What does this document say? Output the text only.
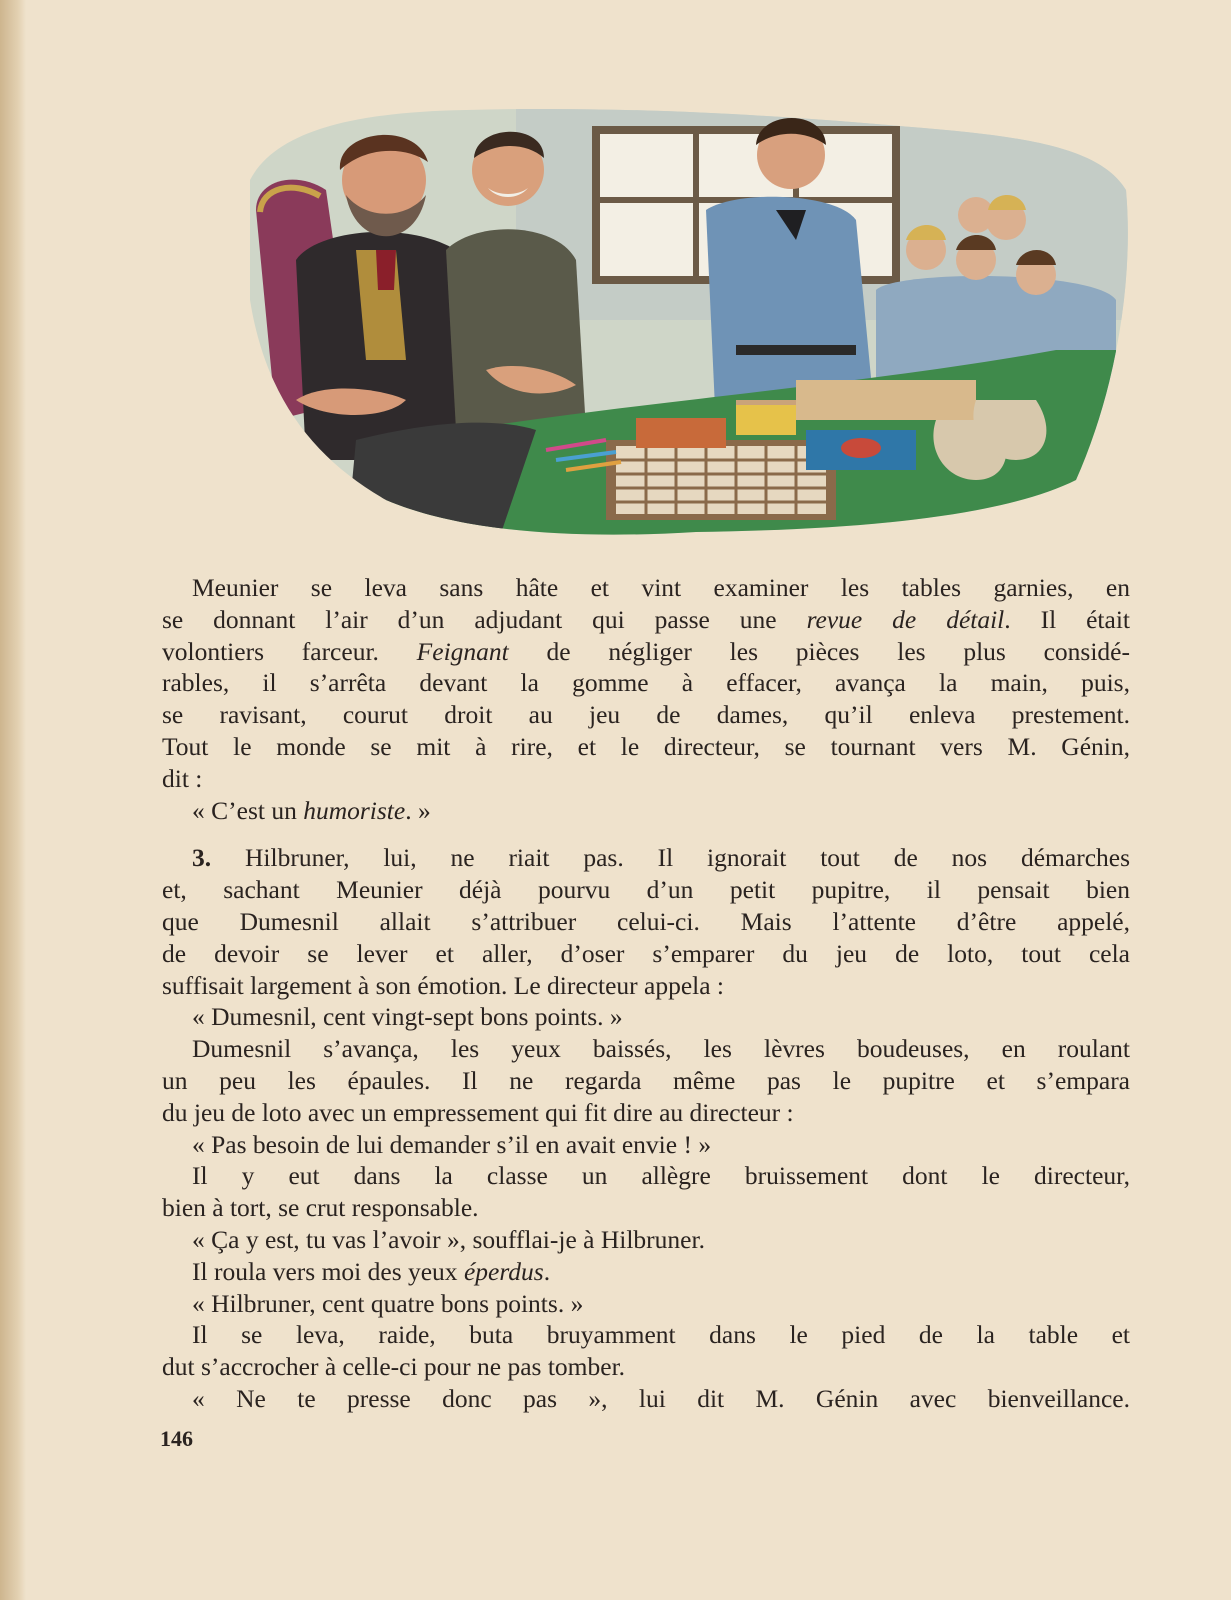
Meunier se leva sans hâte et vint examiner les tables garnies, en
se donnant l’air d’un adjudant qui passe une revue de détail. Il était
volontiers farceur. Feignant de négliger les pièces les plus considé-
rables, il s’arrêta devant la gomme à effacer, avança la main, puis,
se ravisant, courut droit au jeu de dames, qu’il enleva prestement.
Tout le monde se mit à rire, et le directeur, se tournant vers M. Génin,
dit :
« C’est un humoriste. »
3. Hilbruner, lui, ne riait pas. Il ignorait tout de nos démarches
et, sachant Meunier déjà pourvu d’un petit pupitre, il pensait bien
que Dumesnil allait s’attribuer celui-ci. Mais l’attente d’être appelé,
de devoir se lever et aller, d’oser s’emparer du jeu de loto, tout cela
suffisait largement à son émotion. Le directeur appela :
« Dumesnil, cent vingt-sept bons points. »
Dumesnil s’avança, les yeux baissés, les lèvres boudeuses, en roulant
un peu les épaules. Il ne regarda même pas le pupitre et s’empara
du jeu de loto avec un empressement qui fit dire au directeur :
« Pas besoin de lui demander s’il en avait envie ! »
Il y eut dans la classe un allègre bruissement dont le directeur,
bien à tort, se crut responsable.
« Ça y est, tu vas l’avoir », soufflai-je à Hilbruner.
Il roula vers moi des yeux éperdus.
« Hilbruner, cent quatre bons points. »
Il se leva, raide, buta bruyamment dans le pied de la table et
dut s’accrocher à celle-ci pour ne pas tomber.
« Ne te presse donc pas », lui dit M. Génin avec bienveillance.
146
